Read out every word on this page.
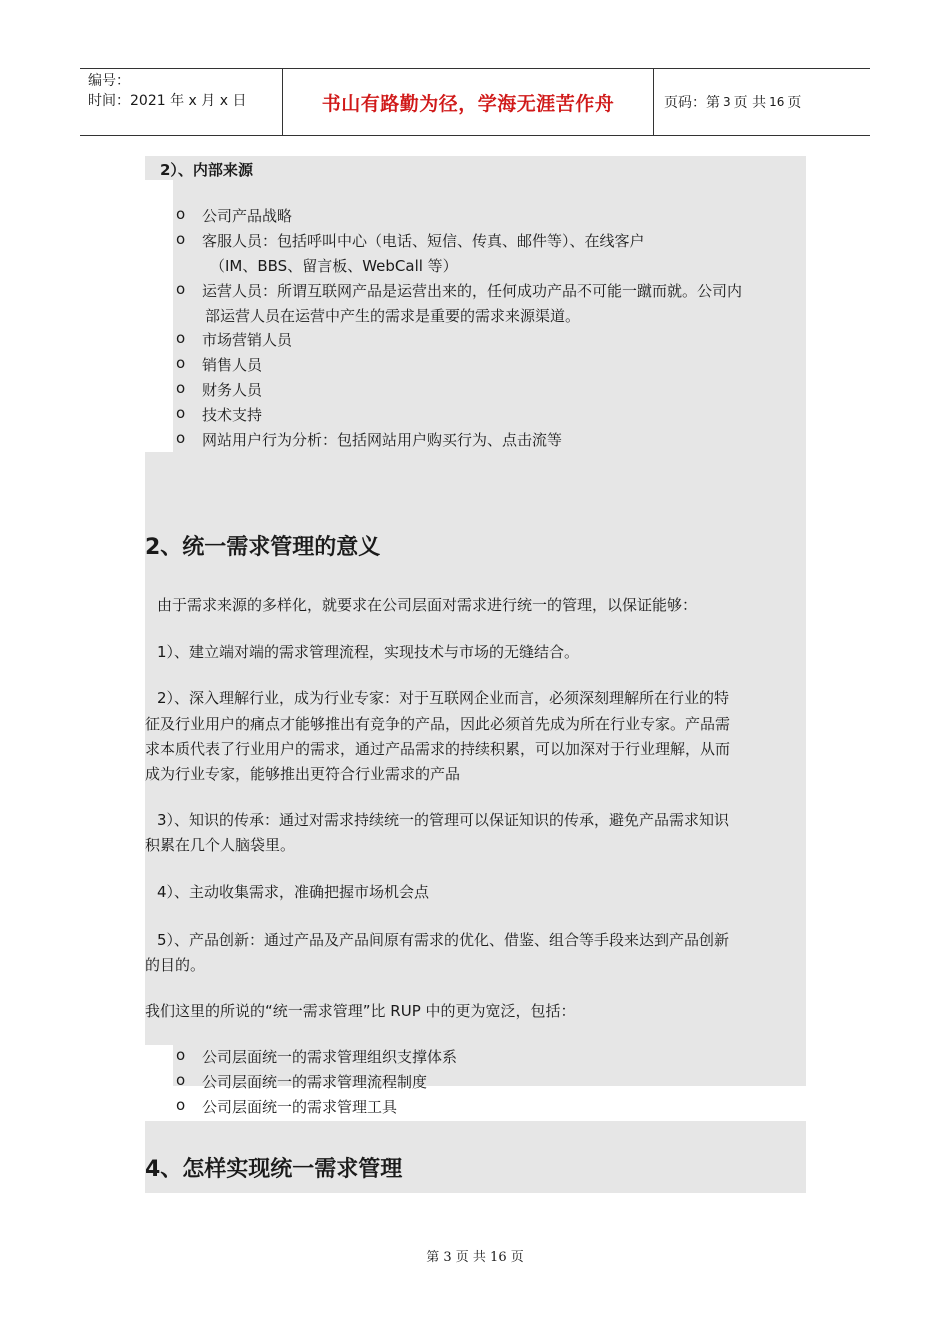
编号：
时间：2021 年 x 月 x 日	书山有路勤为径，学海无涯苦作舟	页码：第 3 页 共 16 页
2）、内部来源
o 公司产品战略
o 客服人员：包括呼叫中心（电话、短信、传真、邮件等）、在线客户
（IM、BBS、留言板、WebCall 等）
o 运营人员：所谓互联网产品是运营出来的，任何成功产品不可能一蹴而就。公司内
部运营人员在运营中产生的需求是重要的需求来源渠道。
o 市场营销人员
o 销售人员
o 财务人员
o 技术支持
o 网站用户行为分析：包括网站用户购买行为、点击流等
2、统一需求管理的意义
由于需求来源的多样化，就要求在公司层面对需求进行统一的管理，以保证能够：
1）、建立端对端的需求管理流程，实现技术与市场的无缝结合。
2）、深入理解行业，成为行业专家：对于互联网企业而言，必须深刻理解所在行业的特
征及行业用户的痛点才能够推出有竞争的产品，因此必须首先成为所在行业专家。产品需
求本质代表了行业用户的需求，通过产品需求的持续积累，可以加深对于行业理解，从而
成为行业专家，能够推出更符合行业需求的产品
3）、知识的传承：通过对需求持续统一的管理可以保证知识的传承，避免产品需求知识
积累在几个人脑袋里。
4）、主动收集需求，准确把握市场机会点
5）、产品创新：通过产品及产品间原有需求的优化、借鉴、组合等手段来达到产品创新
的目的。
我们这里的所说的“统一需求管理”比 RUP 中的更为宽泛，包括：
o 公司层面统一的需求管理组织支撑体系
o 公司层面统一的需求管理流程制度
o 公司层面统一的需求管理工具
4、怎样实现统一需求管理
第 3 页 共 16 页
